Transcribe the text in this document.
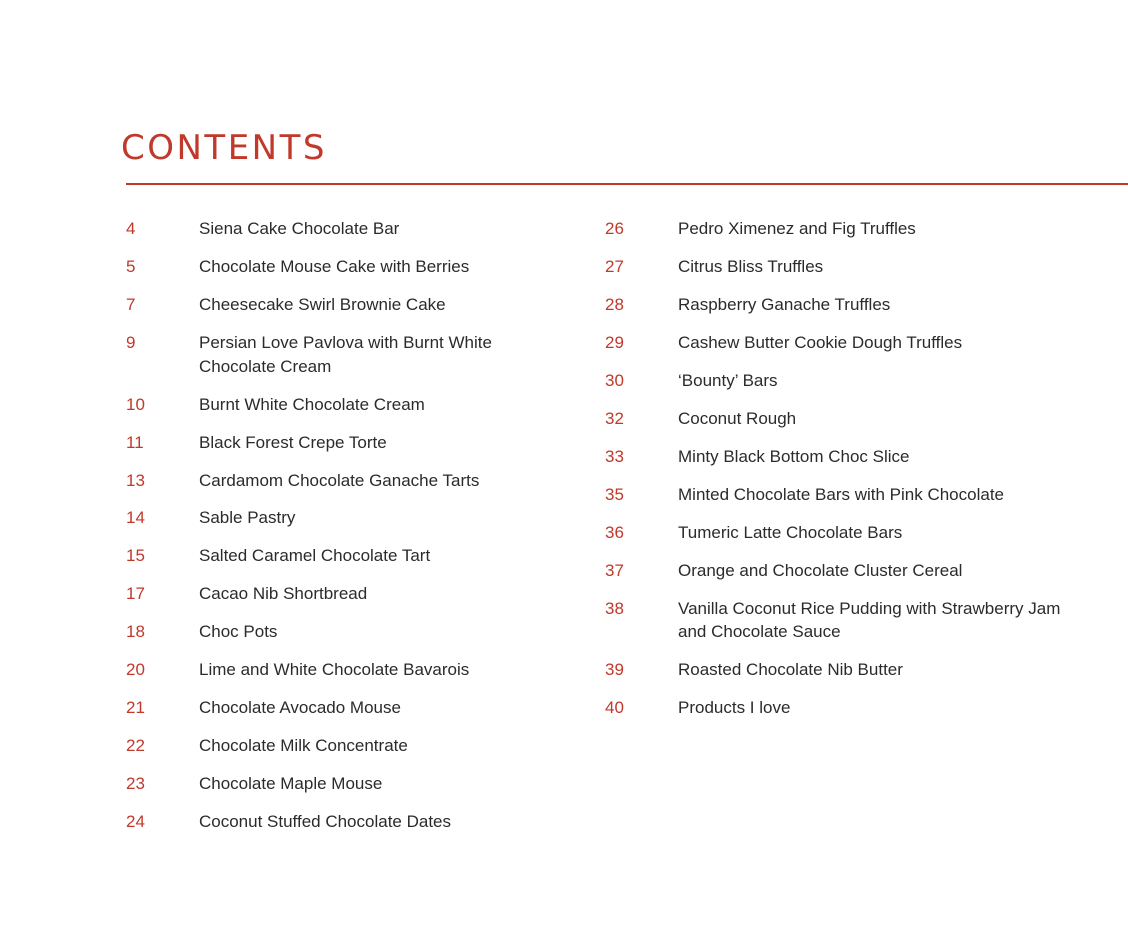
CONTENTS
4	Siena Cake Chocolate Bar
5	Chocolate Mouse Cake with Berries
7	Cheesecake Swirl Brownie Cake
9	Persian Love Pavlova with Burnt White Chocolate Cream
10	Burnt White Chocolate Cream
11	Black Forest Crepe Torte
13	Cardamom Chocolate Ganache Tarts
14	Sable Pastry
15	Salted Caramel Chocolate Tart
17	Cacao Nib Shortbread
18	Choc Pots
20	Lime and White Chocolate Bavarois
21	Chocolate Avocado Mouse
22	Chocolate Milk Concentrate
23	Chocolate Maple Mouse
24	Coconut Stuffed Chocolate Dates
26	Pedro Ximenez and Fig Truffles
27	Citrus Bliss Truffles
28	Raspberry Ganache Truffles
29	Cashew Butter Cookie Dough Truffles
30	‘Bounty’ Bars
32	Coconut Rough
33	Minty Black Bottom Choc Slice
35	Minted Chocolate Bars with Pink Chocolate
36	Tumeric Latte Chocolate Bars
37	Orange and Chocolate Cluster Cereal
38	Vanilla Coconut Rice Pudding with Strawberry Jam and Chocolate Sauce
39	Roasted Chocolate Nib Butter
40	Products I love
